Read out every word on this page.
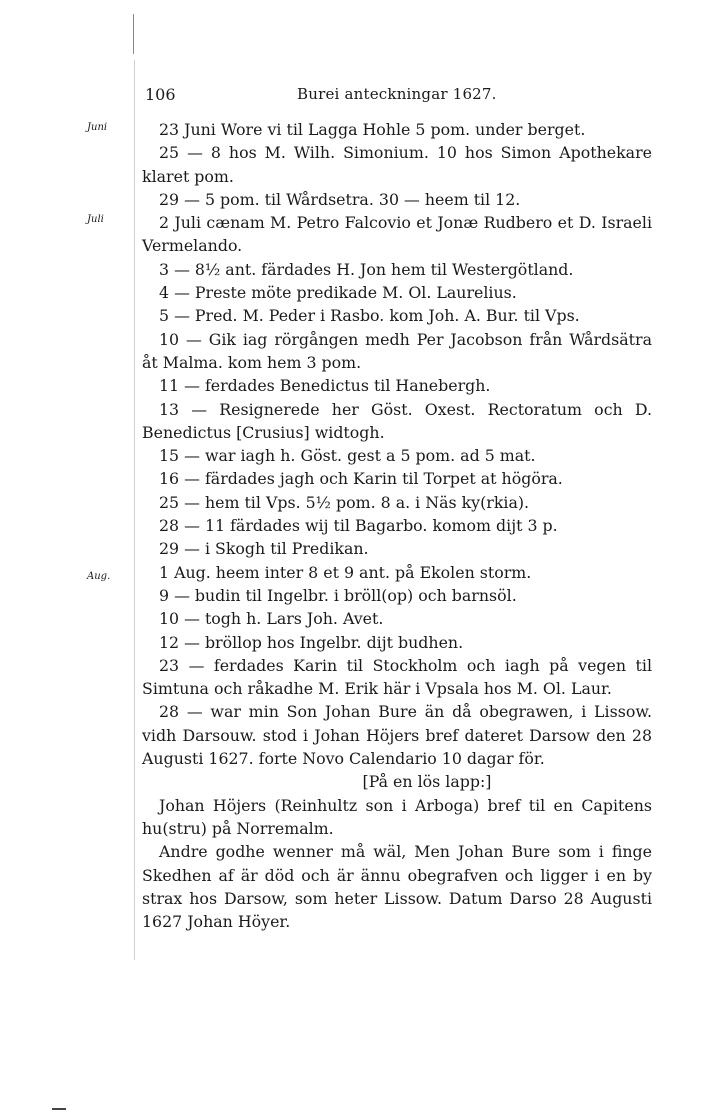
106	Burei anteckningar 1627.
Juni
Juli
Aug.

23 Juni Wore vi til Lagga Hohle 5 pom. under berget.

25 — 8 hos M. Wilh. Simonium. 10 hos Simon Apothekare klaret pom.

29 — 5 pom. til Wårdsetra. 30 — heem til 12.

2 Juli cænam M. Petro Falcovio et Jonæ Rudbero et D. Israeli Vermelando.

3 — 8½ ant. färdades H. Jon hem til Westergötland.

4 — Preste möte predikade M. Ol. Laurelius.

5 — Pred. M. Peder i Rasbo. kom Joh. A. Bur. til Vps.

10 — Gik iag rörgången medh Per Jacobson från Wårdsätra åt Malma. kom hem 3 pom.

11 — ferdades Benedictus til Hanebergh.

13 — Resignerede her Göst. Oxest. Rectoratum och D. Benedictus [Crusius] widtogh.

15 — war iagh h. Göst. gest a 5 pom. ad 5 mat.

16 — färdades jagh och Karin til Torpet at högöra.

25 — hem til Vps. 5½ pom. 8 a. i Näs ky(rkia).

28 — 11 färdades wij til Bagarbo. komom dijt 3 p.

29 — i Skogh til Predikan.

1 Aug. heem inter 8 et 9 ant. på Ekolen storm.

9 — budin til Ingelbr. i bröll(op) och barnsöl.

10 — togh h. Lars Joh. Avet.

12 — bröllop hos Ingelbr. dijt budhen.

23 — ferdades Karin til Stockholm och iagh på vegen til Simtuna och råkadhe M. Erik här i Vpsala hos M. Ol. Laur.

28 — war min Son Johan Bure än då obegrawen, i Lissow. vidh Darsouw. stod i Johan Höjers bref dateret Darsow den 28 Augusti 1627. forte Novo Calendario 10 dagar för.

[På en lös lapp:]

Johan Höjers (Reinhultz son i Arboga) bref til en Capitens hu(stru) på Norremalm.

Andre godhe wenner må wäl, Men Johan Bure som i finge Skedhen af är död och är ännu obegrafven och ligger i en by strax hos Darsow, som heter Lissow. Datum Darso 28 Augusti 1627 Johan Höyer.
